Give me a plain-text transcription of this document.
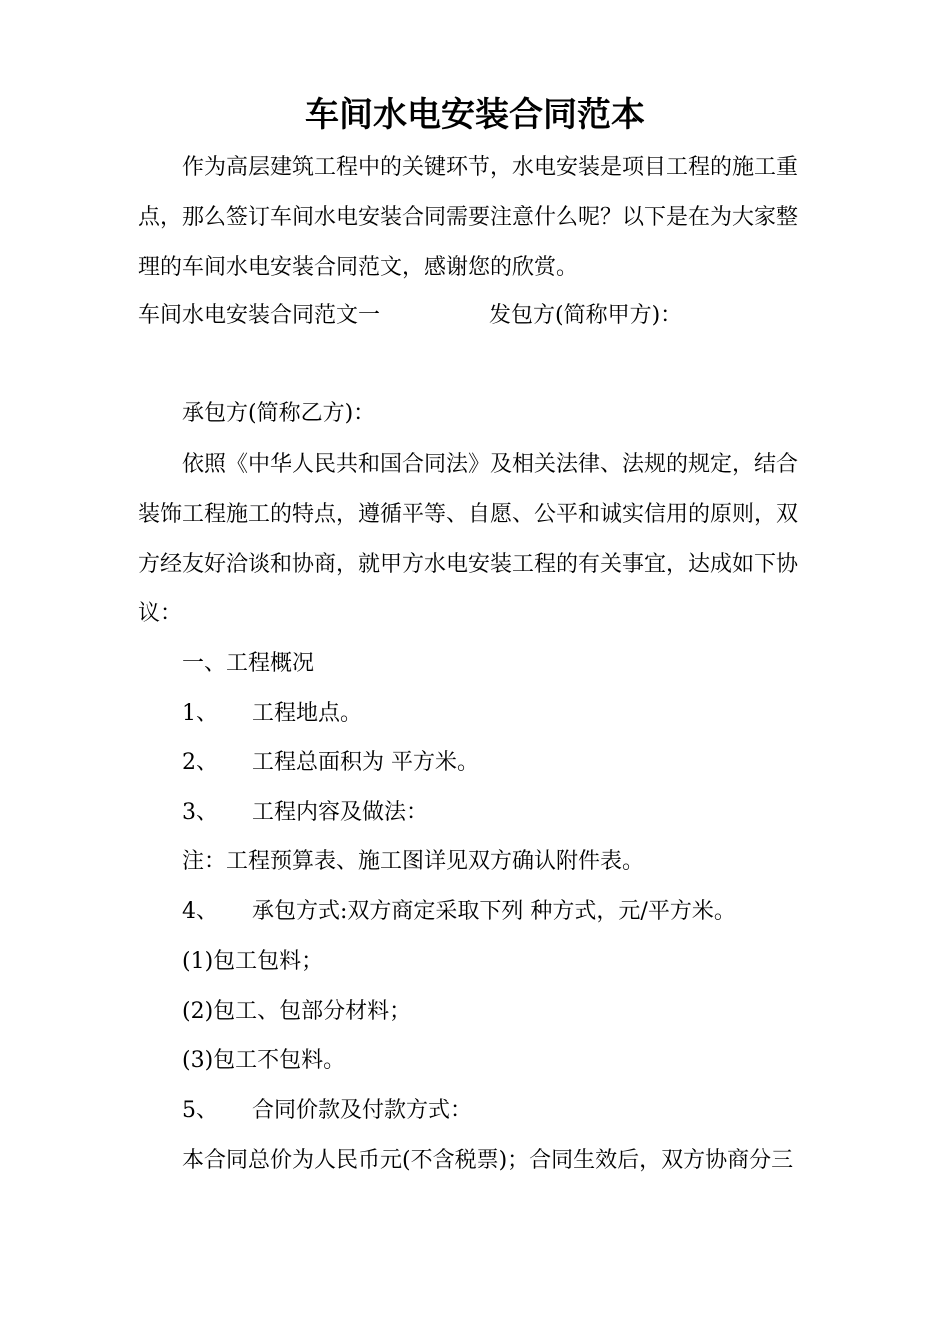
车间水电安装合同范本
作为高层建筑工程中的关键环节，水电安装是项目工程的施工重
点，那么签订车间水电安装合同需要注意什么呢？以下是在为大家整
理的车间水电安装合同范文，感谢您的欣赏。
车间水电安装合同范文一	发包方(简称甲方)：
承包方(简称乙方)：
依照《中华人民共和国合同法》及相关法律、法规的规定，结合
装饰工程施工的特点，遵循平等、自愿、公平和诚实信用的原则，双
方经友好洽谈和协商，就甲方水电安装工程的有关事宜，达成如下协
议：
一、工程概况
1、 工程地点。
2、 工程总面积为 平方米。
3、 工程内容及做法：
注：工程预算表、施工图详见双方确认附件表。
4、 承包方式:双方商定采取下列 种方式，元/平方米。
(1)包工包料；
(2)包工、包部分材料；
(3)包工不包料。
5、 合同价款及付款方式：
本合同总价为人民币元(不含税票)；合同生效后，双方协商分三
